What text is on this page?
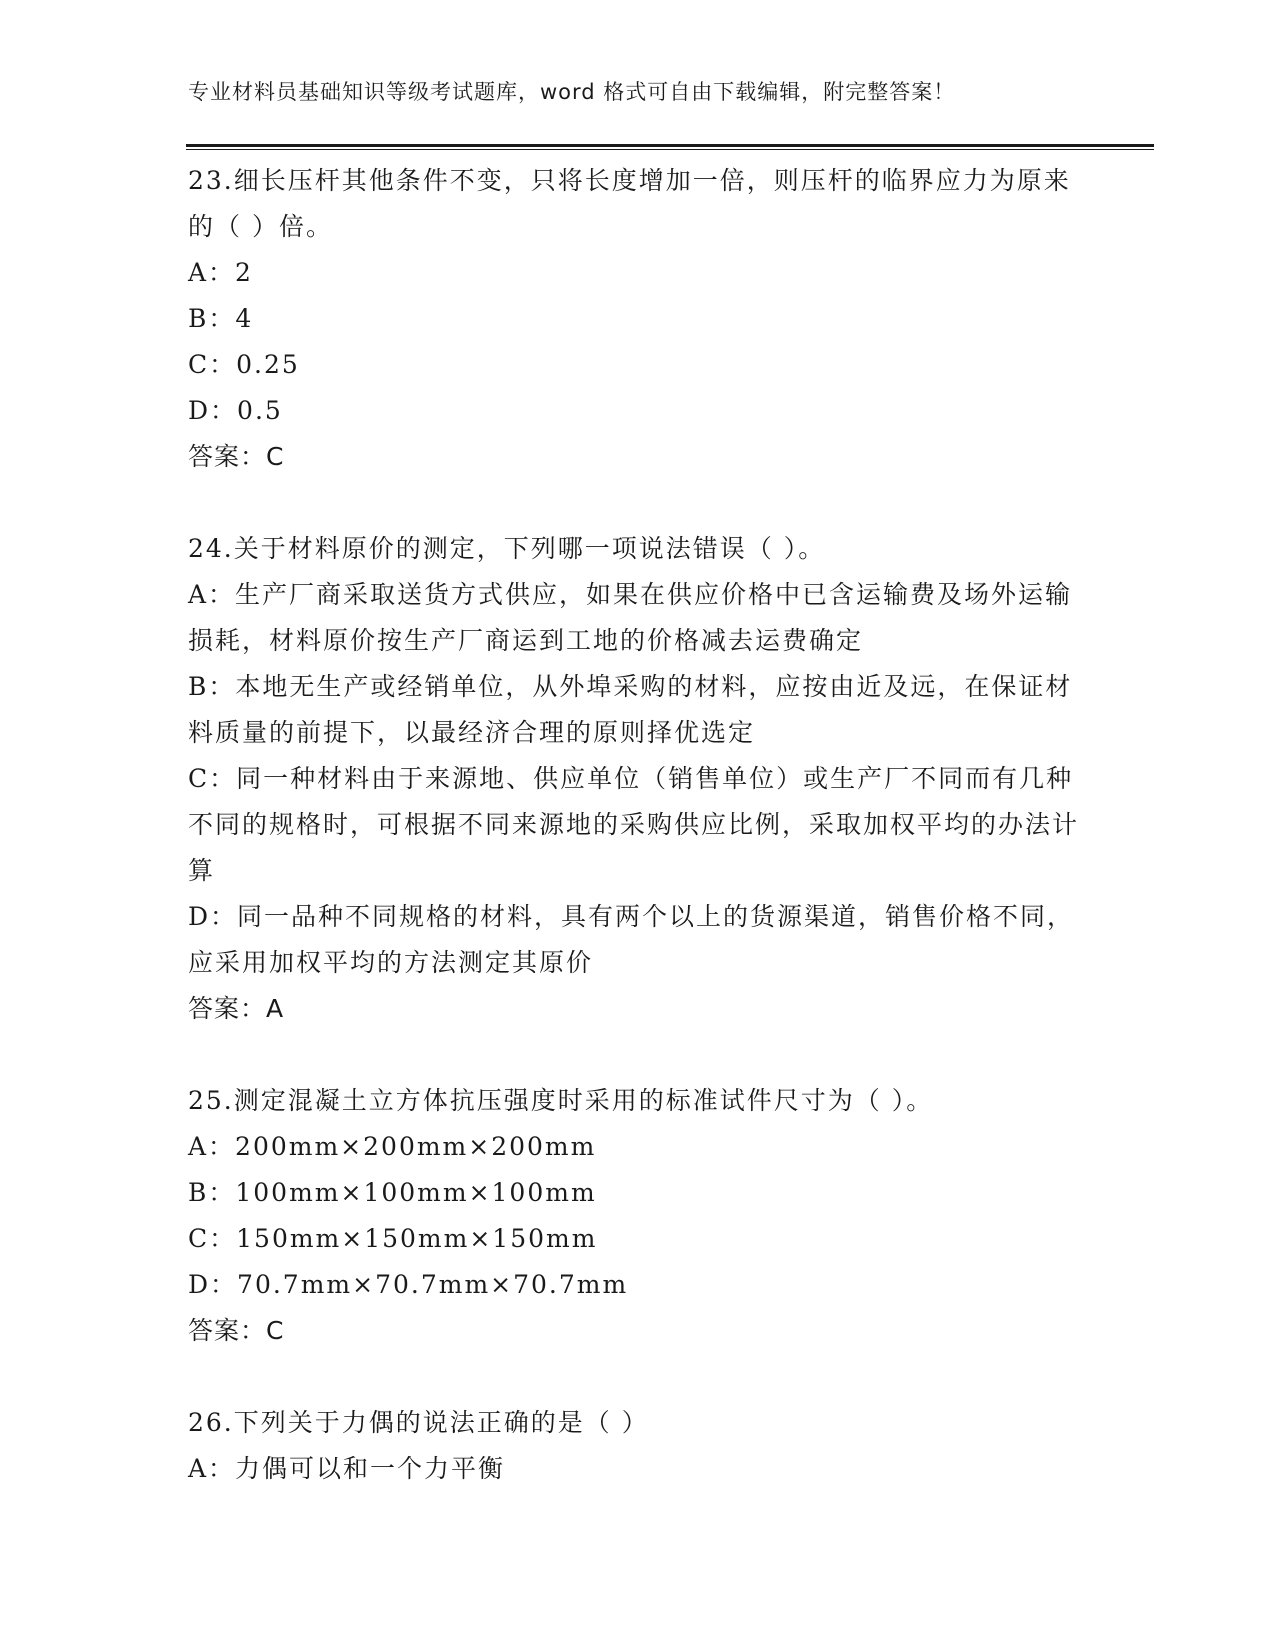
专业材料员基础知识等级考试题库，word 格式可自由下载编辑，附完整答案！

23.细长压杆其他条件不变，只将长度增加一倍，则压杆的临界应力为原来的（ ）倍。

A：2

B：4

C：0.25

D：0.5

答案：C

24.关于材料原价的测定，下列哪一项说法错误（ ）。

A：生产厂商采取送货方式供应，如果在供应价格中已含运输费及场外运输损耗，材料原价按生产厂商运到工地的价格减去运费确定

B：本地无生产或经销单位，从外埠采购的材料，应按由近及远，在保证材料质量的前提下，以最经济合理的原则择优选定

C：同一种材料由于来源地、供应单位（销售单位）或生产厂不同而有几种不同的规格时，可根据不同来源地的采购供应比例，采取加权平均的办法计算

D：同一品种不同规格的材料，具有两个以上的货源渠道，销售价格不同，应采用加权平均的方法测定其原价

答案：A

25.测定混凝土立方体抗压强度时采用的标准试件尺寸为（ ）。

A：200mm×200mm×200mm

B：100mm×100mm×100mm

C：150mm×150mm×150mm

D：70.7mm×70.7mm×70.7mm

答案：C

26.下列关于力偶的说法正确的是（ ）

A：力偶可以和一个力平衡
